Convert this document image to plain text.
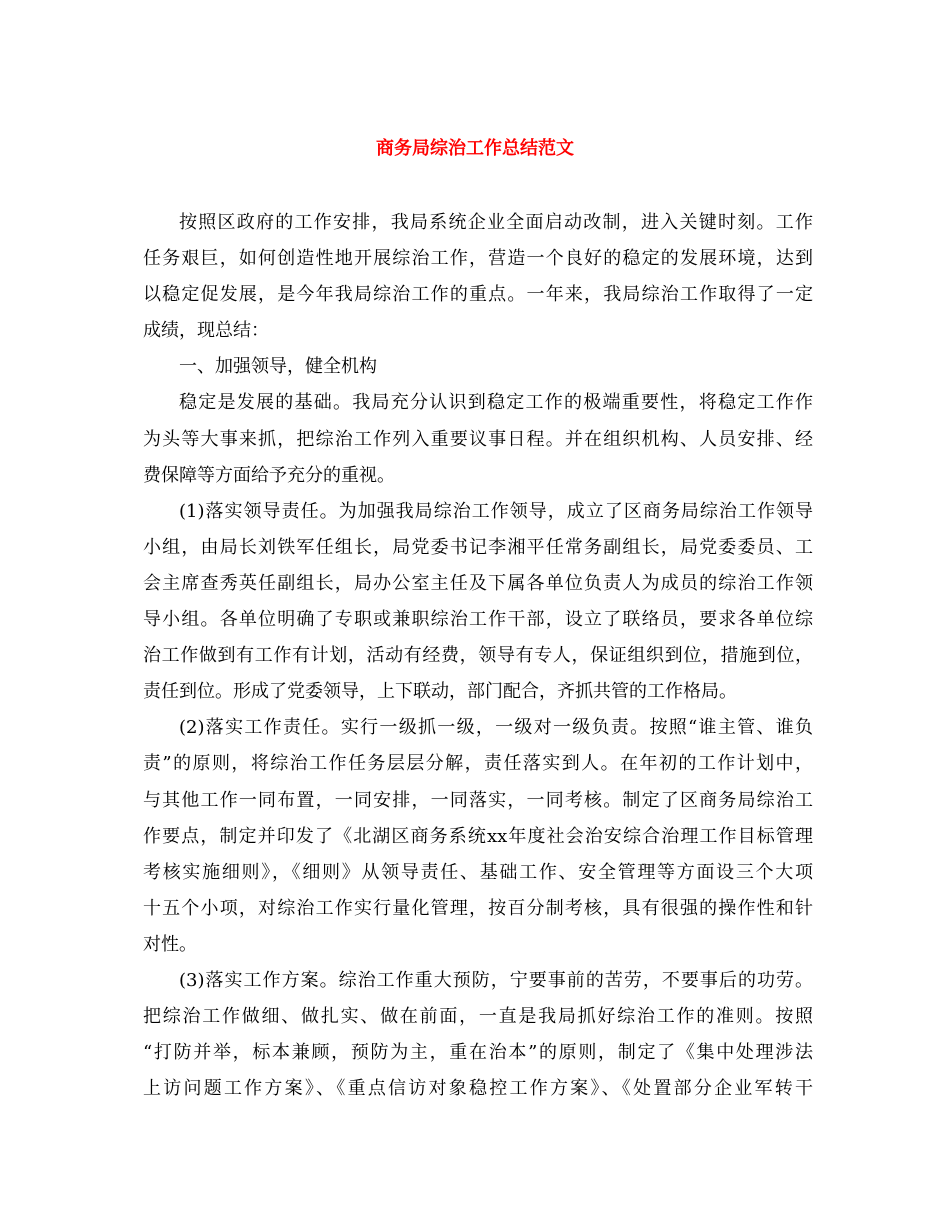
商务局综治工作总结范文
按照区政府的工作安排，我局系统企业全面启动改制，进入关键时刻。工作
任务艰巨，如何创造性地开展综治工作，营造一个良好的稳定的发展环境，达到
以稳定促发展，是今年我局综治工作的重点。一年来，我局综治工作取得了一定
成绩，现总结：
一、加强领导，健全机构
稳定是发展的基础。我局充分认识到稳定工作的极端重要性，将稳定工作作
为头等大事来抓，把综治工作列入重要议事日程。并在组织机构、人员安排、经
费保障等方面给予充分的重视。
(1)落实领导责任。为加强我局综治工作领导，成立了区商务局综治工作领导
小组，由局长刘铁军任组长，局党委书记李湘平任常务副组长，局党委委员、工
会主席查秀英任副组长，局办公室主任及下属各单位负责人为成员的综治工作领
导小组。各单位明确了专职或兼职综治工作干部，设立了联络员，要求各单位综
治工作做到有工作有计划，活动有经费，领导有专人，保证组织到位，措施到位，
责任到位。形成了党委领导，上下联动，部门配合，齐抓共管的工作格局。
(2)落实工作责任。实行一级抓一级，一级对一级负责。按照“谁主管、谁负
责”的原则，将综治工作任务层层分解，责任落实到人。在年初的工作计划中，
与其他工作一同布置，一同安排，一同落实，一同考核。制定了区商务局综治工
作要点，制定并印发了《北湖区商务系统xx年度社会治安综合治理工作目标管理
考核实施细则》，《细则》从领导责任、基础工作、安全管理等方面设三个大项
十五个小项，对综治工作实行量化管理，按百分制考核，具有很强的操作性和针
对性。
(3)落实工作方案。综治工作重大预防，宁要事前的苦劳，不要事后的功劳。
把综治工作做细、做扎实、做在前面，一直是我局抓好综治工作的准则。按照
“打防并举，标本兼顾，预防为主，重在治本”的原则，制定了《集中处理涉法
上访问题工作方案》、《重点信访对象稳控工作方案》、《处置部分企业军转干
